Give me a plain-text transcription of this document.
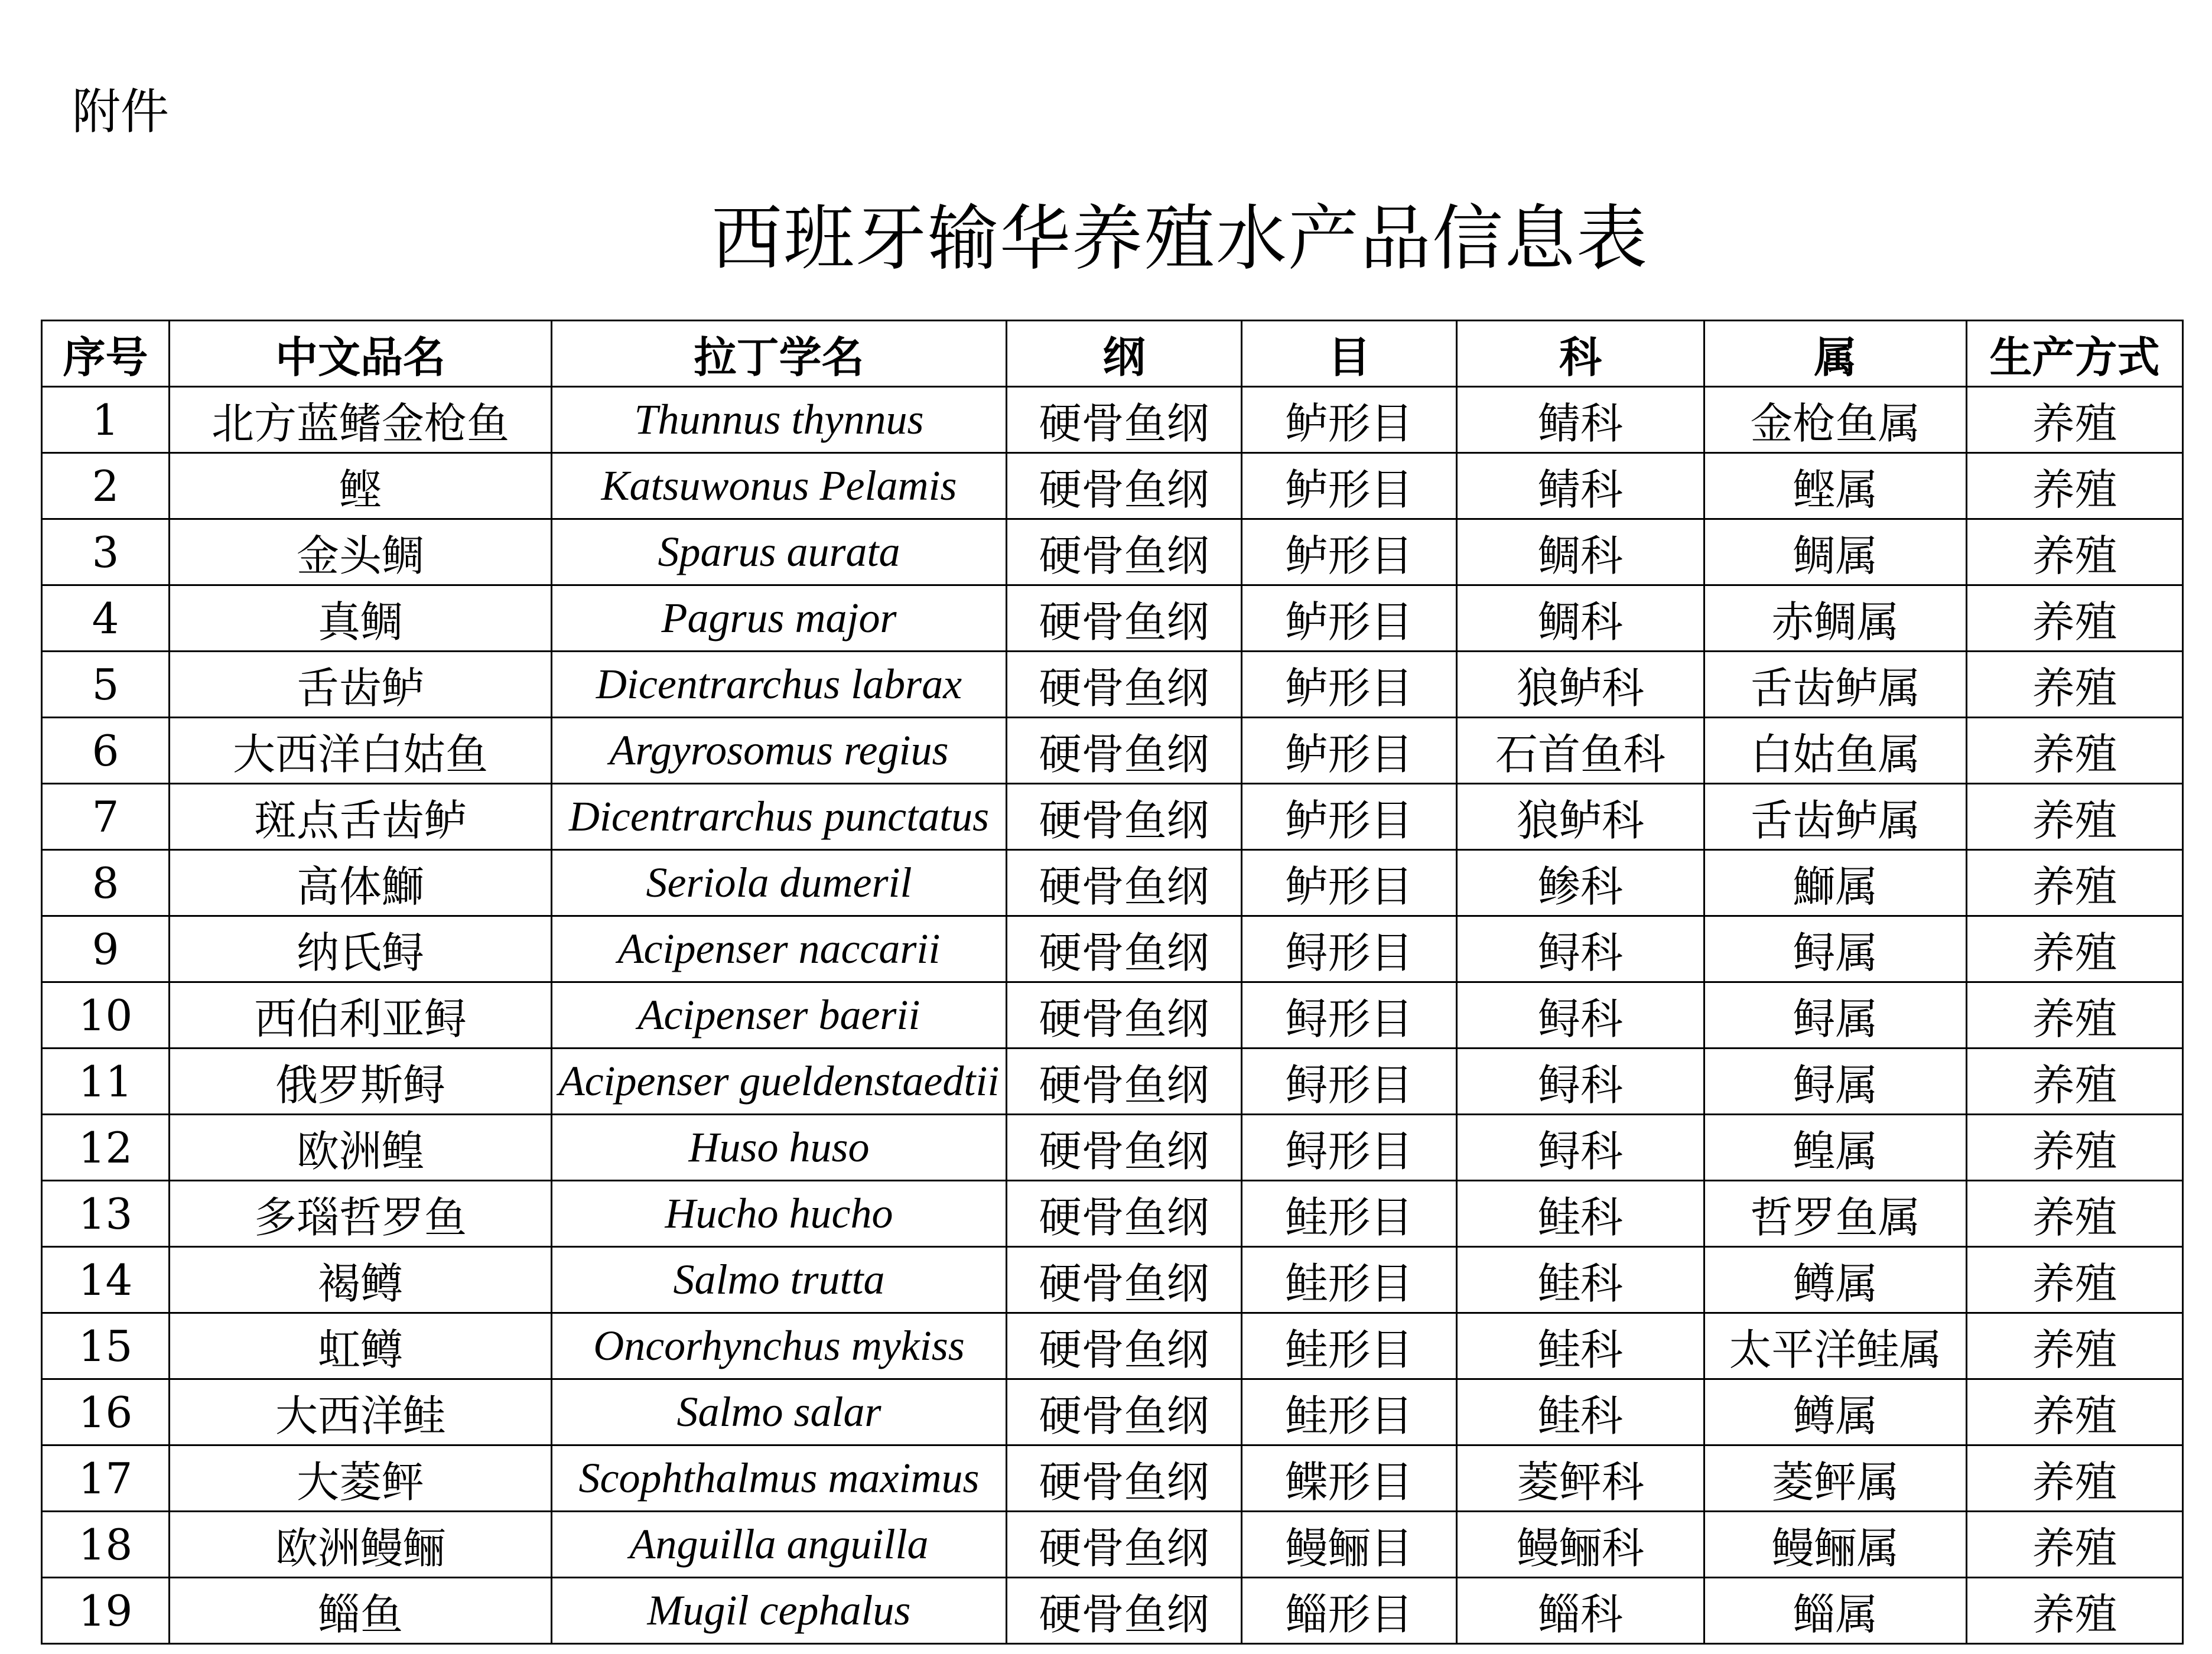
附件
西班牙输华养殖水产品信息表
序号	中文品名	拉丁学名	纲	目	科	属	生产方式
1	北方蓝鳍金枪鱼	Thunnus thynnus	硬骨鱼纲	鲈形目	鲭科	金枪鱼属	养殖
2	鲣	Katsuwonus Pelamis	硬骨鱼纲	鲈形目	鲭科	鲣属	养殖
3	金头鲷	Sparus aurata	硬骨鱼纲	鲈形目	鲷科	鲷属	养殖
4	真鲷	Pagrus major	硬骨鱼纲	鲈形目	鲷科	赤鲷属	养殖
5	舌齿鲈	Dicentrarchus labrax	硬骨鱼纲	鲈形目	狼鲈科	舌齿鲈属	养殖
6	大西洋白姑鱼	Argyrosomus regius	硬骨鱼纲	鲈形目	石首鱼科	白姑鱼属	养殖
7	斑点舌齿鲈	Dicentrarchus punctatus	硬骨鱼纲	鲈形目	狼鲈科	舌齿鲈属	养殖
8	高体鰤	Seriola dumeril	硬骨鱼纲	鲈形目	鲹科	鰤属	养殖
9	纳氏鲟	Acipenser naccarii	硬骨鱼纲	鲟形目	鲟科	鲟属	养殖
10	西伯利亚鲟	Acipenser baerii	硬骨鱼纲	鲟形目	鲟科	鲟属	养殖
11	俄罗斯鲟	Acipenser gueldenstaedtii	硬骨鱼纲	鲟形目	鲟科	鲟属	养殖
12	欧洲鳇	Huso huso	硬骨鱼纲	鲟形目	鲟科	鳇属	养殖
13	多瑙哲罗鱼	Hucho hucho	硬骨鱼纲	鲑形目	鲑科	哲罗鱼属	养殖
14	褐鳟	Salmo trutta	硬骨鱼纲	鲑形目	鲑科	鳟属	养殖
15	虹鳟	Oncorhynchus mykiss	硬骨鱼纲	鲑形目	鲑科	太平洋鲑属	养殖
16	大西洋鲑	Salmo salar	硬骨鱼纲	鲑形目	鲑科	鳟属	养殖
17	大菱鲆	Scophthalmus maximus	硬骨鱼纲	鲽形目	菱鲆科	菱鲆属	养殖
18	欧洲鳗鲡	Anguilla anguilla	硬骨鱼纲	鳗鲡目	鳗鲡科	鳗鲡属	养殖
19	鲻鱼	Mugil cephalus	硬骨鱼纲	鲻形目	鲻科	鲻属	养殖
